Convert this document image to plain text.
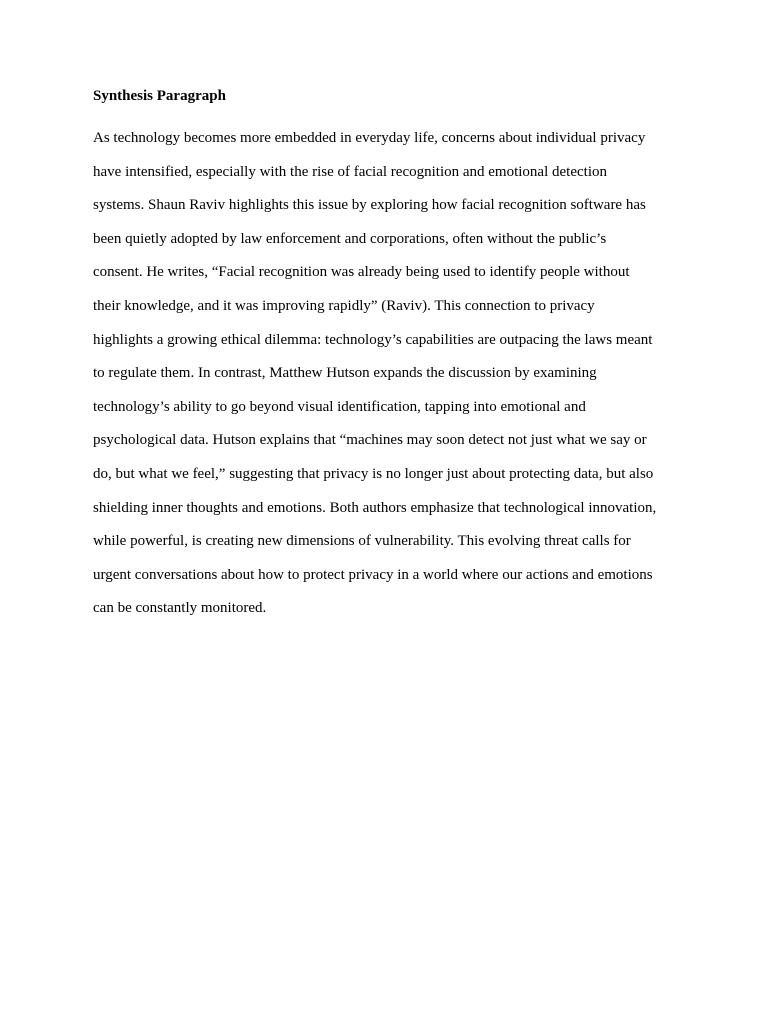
Synthesis Paragraph
As technology becomes more embedded in everyday life, concerns about individual privacy
have intensified, especially with the rise of facial recognition and emotional detection
systems. Shaun Raviv highlights this issue by exploring how facial recognition software has
been quietly adopted by law enforcement and corporations, often without the public’s
consent. He writes, “Facial recognition was already being used to identify people without
their knowledge, and it was improving rapidly” (Raviv). This connection to privacy
highlights a growing ethical dilemma: technology’s capabilities are outpacing the laws meant
to regulate them. In contrast, Matthew Hutson expands the discussion by examining
technology’s ability to go beyond visual identification, tapping into emotional and
psychological data. Hutson explains that “machines may soon detect not just what we say or
do, but what we feel,” suggesting that privacy is no longer just about protecting data, but also
shielding inner thoughts and emotions. Both authors emphasize that technological innovation,
while powerful, is creating new dimensions of vulnerability. This evolving threat calls for
urgent conversations about how to protect privacy in a world where our actions and emotions
can be constantly monitored.
